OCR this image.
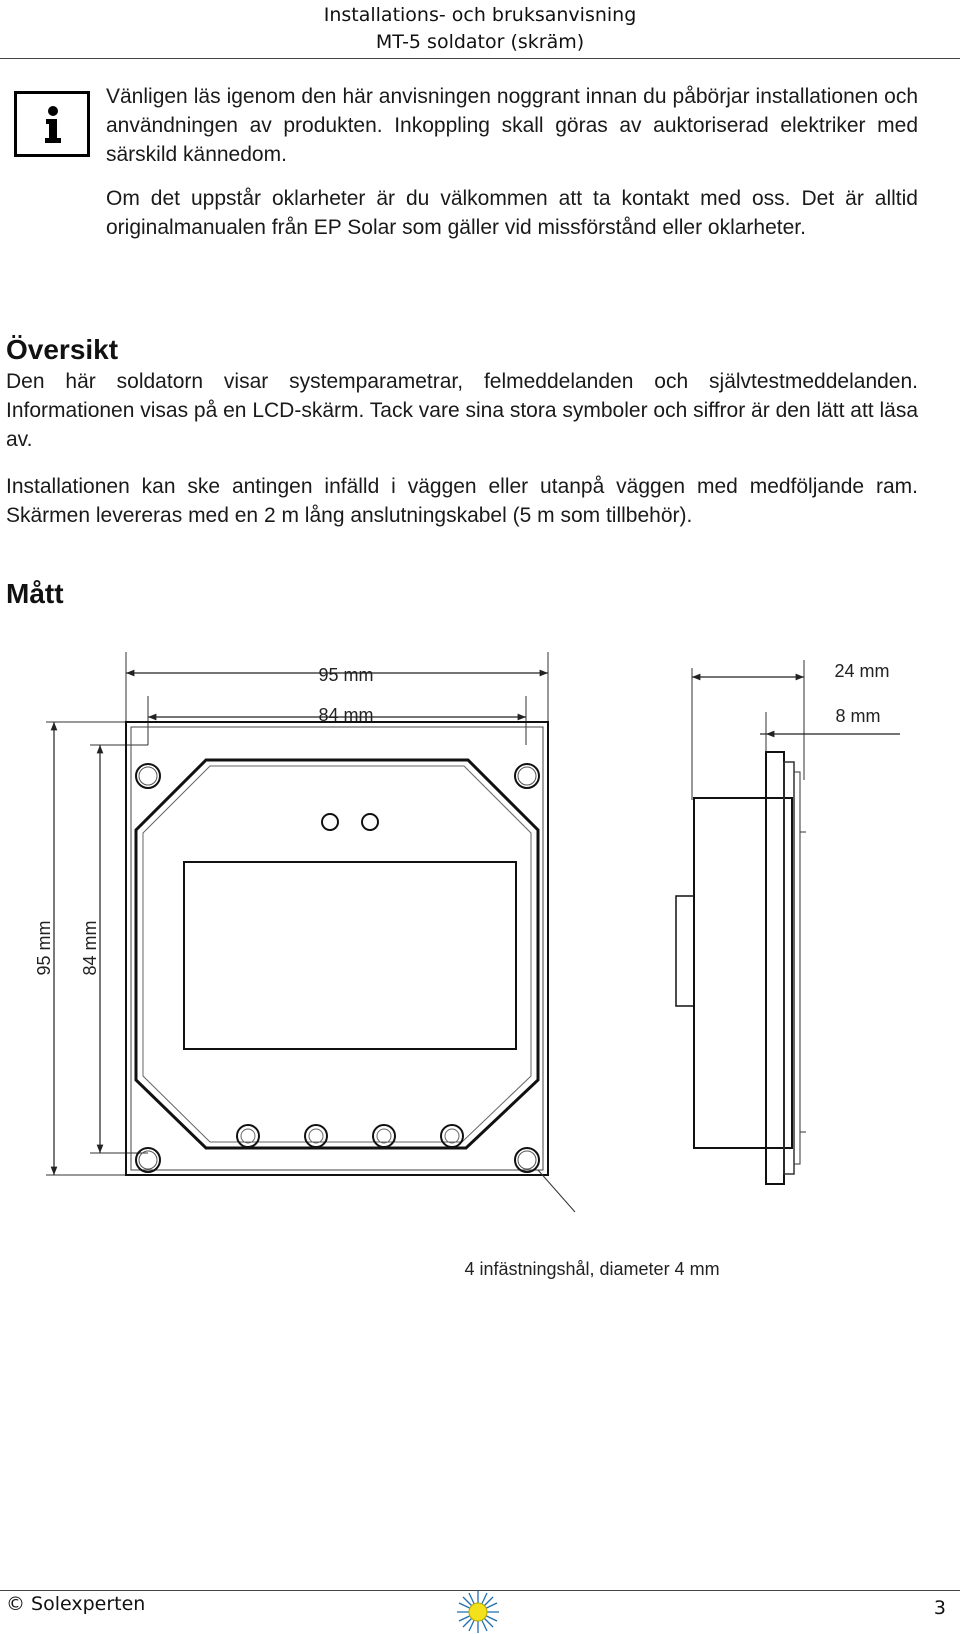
Installations- och bruksanvisning
MT-5 soldator (skräm)

Vänligen läs igenom den här anvisningen noggrant innan du påbörjar installationen och användningen av produkten. Inkoppling skall göras av auktoriserad elektriker med särskild kännedom.

Om det uppstår oklarheter är du välkommen att ta kontakt med oss. Det är alltid originalmanualen från EP Solar som gäller vid missförstånd eller oklarheter.

Översikt

Den här soldatorn visar systemparametrar, felmeddelanden och självtestmeddelanden. Informationen visas på en LCD-skärm. Tack vare sina stora symboler och siffror är den lätt att läsa av.

Installationen kan ske antingen infälld i väggen eller utanpå väggen med medföljande ram. Skärmen levereras med en 2 m lång anslutningskabel (5 m som tillbehör).

Mått
95 mm
84 mm
95 mm 84 mm
4 infästningshål, diameter 4 mm
24 mm
8 mm
© Solexperten	3
